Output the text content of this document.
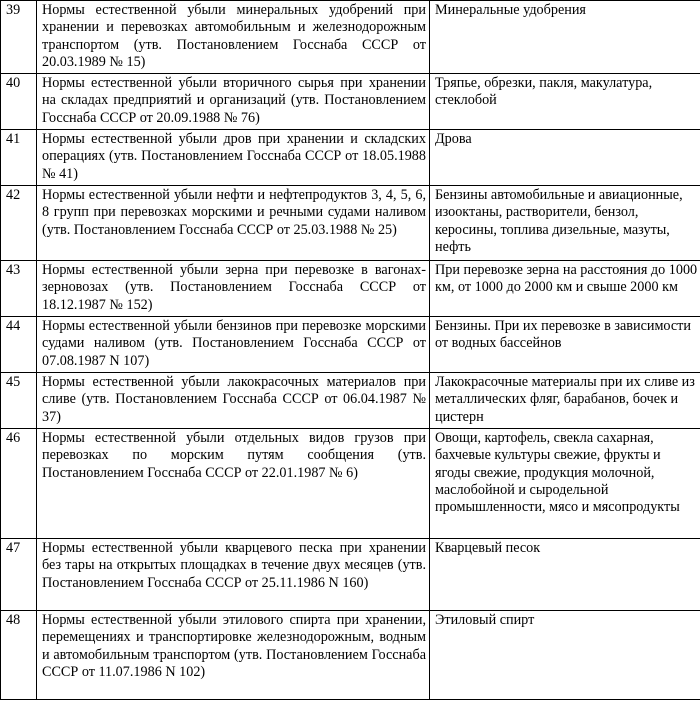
39	Нормы естественной убыли минеральных удобрений при хранении и перевозках автомобильным и железнодорожным транспортом (утв. Постановлением Госснаба СССР от 20.03.1989 № 15)	Минеральные удобрения
40	Нормы естественной убыли вторичного сырья при хранении на складах предприятий и организаций (утв. Постановлением Госснаба СССР от 20.09.1988 № 76)	Тряпье, обрезки, пакля, макулатура, стеклобой
41	Нормы естественной убыли дров при хранении и складских операциях (утв. Постановлением Госснаба СССР от 18.05.1988 № 41)	Дрова
42	Нормы естественной убыли нефти и нефтепродуктов 3, 4, 5, 6, 8 групп при перевозках морскими и речными судами наливом (утв. Постановлением Госснаба СССР от 25.03.1988 № 25)	Бензины автомобильные и авиационные, изооктаны, растворители, бензол, керосины, топлива дизельные, мазуты, нефть
43	Нормы естественной убыли зерна при перевозке в вагонах-зерновозах (утв. Постановлением Госснаба СССР от 18.12.1987 № 152)	При перевозке зерна на расстояния до 1000 км, от 1000 до 2000 км и свыше 2000 км
44	Нормы естественной убыли бензинов при перевозке морскими судами наливом (утв. Постановлением Госснаба СССР от 07.08.1987 N 107)	Бензины. При их перевозке в зависимости от водных бассейнов
45	Нормы естественной убыли лакокрасочных материалов при сливе (утв. Постановлением Госснаба СССР от 06.04.1987 № 37)	Лакокрасочные материалы при их сливе из металлических фляг, барабанов, бочек и цистерн
46	Нормы естественной убыли отдельных видов грузов при перевозках по морским путям сообщения (утв. Постановлением Госснаба СССР от 22.01.1987 № 6)	Овощи, картофель, свекла сахарная, бахчевые культуры свежие, фрукты и ягоды свежие, продукция молочной, маслобойной и сыродельной промышленности, мясо и мясопродукты
47	Нормы естественной убыли кварцевого песка при хранении без тары на открытых площадках в течение двух месяцев (утв. Постановлением Госснаба СССР от 25.11.1986 N 160)	Кварцевый песок
48	Нормы естественной убыли этилового спирта при хранении, перемещениях и транспортировке железнодорожным, водным и автомобильным транспортом (утв. Постановлением Госснаба СССР от 11.07.1986 N 102)	Этиловый спирт
